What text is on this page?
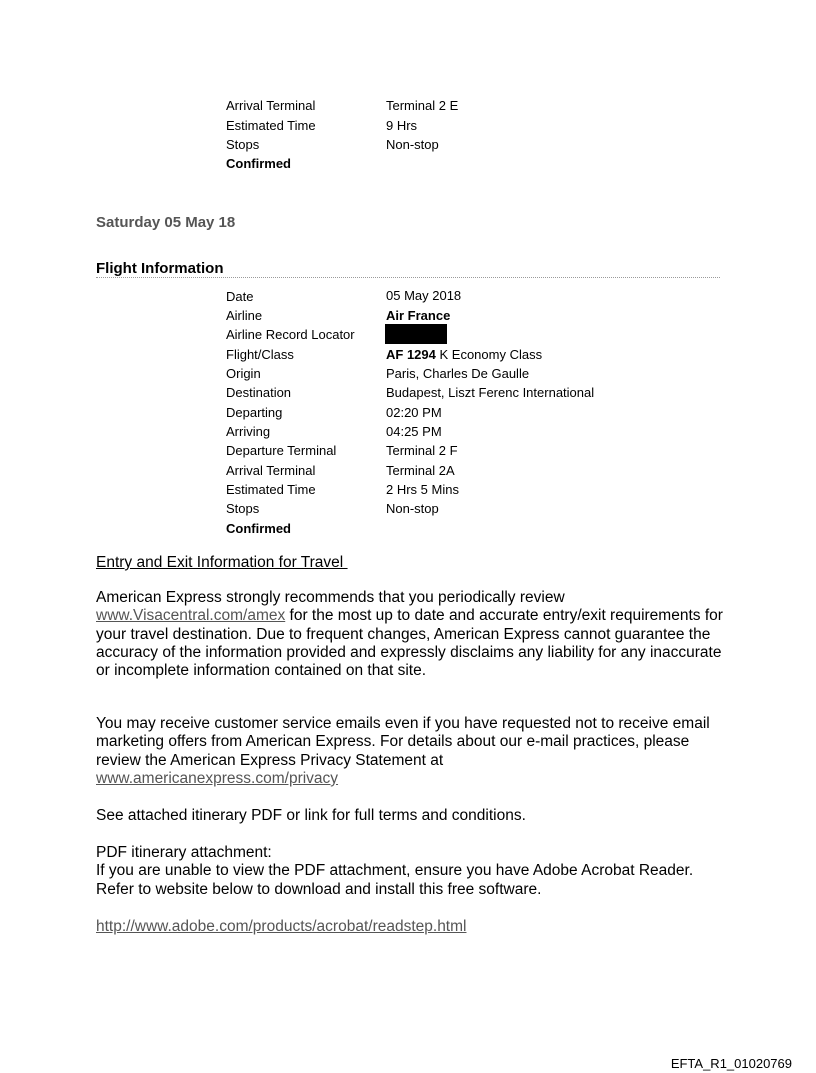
Arrival Terminal	Terminal 2 E
Estimated Time	9 Hrs
Stops	Non-stop
Confirmed
Saturday 05 May 18
Flight Information
Date	05 May 2018
Airline	Air France
Airline Record Locator
Flight/Class	AF 1294 K Economy Class
Origin	Paris, Charles De Gaulle
Destination	Budapest, Liszt Ferenc International
Departing	02:20 PM
Arriving	04:25 PM
Departure Terminal	Terminal 2 F
Arrival Terminal	Terminal 2A
Estimated Time	2 Hrs 5 Mins
Stops	Non-stop
Confirmed
Entry and Exit Information for Travel
American Express strongly recommends that you periodically review www.Visacentral.com/amex for the most up to date and accurate entry/exit requirements for your travel destination. Due to frequent changes, American Express cannot guarantee the accuracy of the information provided and expressly disclaims any liability for any inaccurate or incomplete information contained on that site.
You may receive customer service emails even if you have requested not to receive email marketing offers from American Express. For details about our e-mail practices, please review the American Express Privacy Statement at
www.americanexpress.com/privacy
See attached itinerary PDF or link for full terms and conditions.
PDF itinerary attachment:
If you are unable to view the PDF attachment, ensure you have Adobe Acrobat Reader. Refer to website below to download and install this free software.
http://www.adobe.com/products/acrobat/readstep.html
EFTA_R1_01020769
